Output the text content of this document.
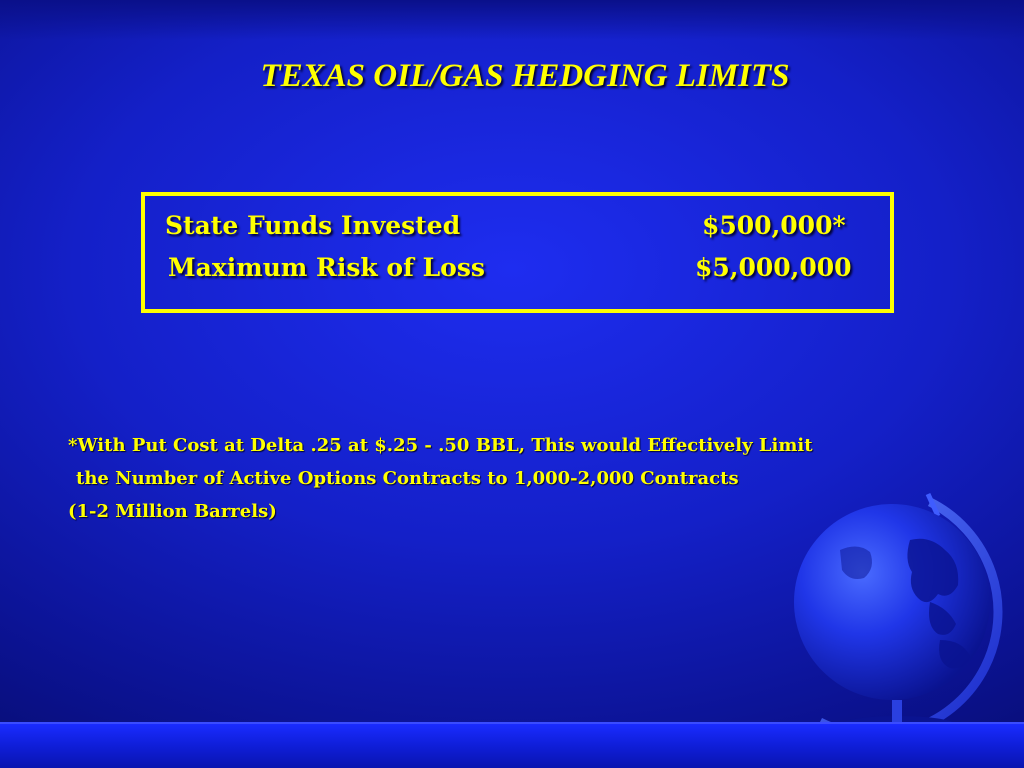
TEXAS OIL/GAS HEDGING LIMITS
State Funds Invested	$500,000*
Maximum Risk of Loss	$5,000,000
*With Put Cost at Delta .25 at $.25 - .50 BBL, This would Effectively Limit
the Number of Active Options Contracts to 1,000-2,000 Contracts
(1-2 Million Barrels)
